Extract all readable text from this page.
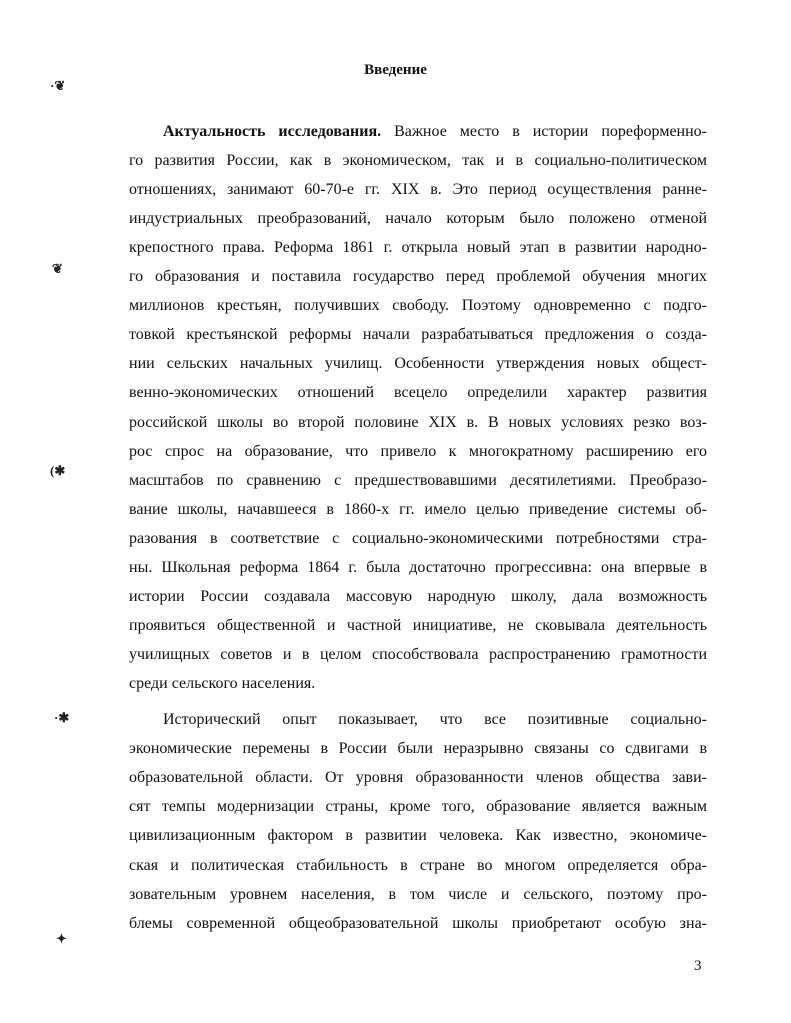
·❦
❦
(✱
·✱
✦
Введение
Актуальность исследования. Важное место в истории пореформенно-
го развития России, как в экономическом, так и в социально-политическом
отношениях, занимают 60-70-е гг. XIX в. Это период осуществления ранне-
индустриальных преобразований, начало которым было положено отменой
крепостного права. Реформа 1861 г. открыла новый этап в развитии народно-
го образования и поставила государство перед проблемой обучения многих
миллионов крестьян, получивших свободу. Поэтому одновременно с подго-
товкой крестьянской реформы начали разрабатываться предложения о созда-
нии сельских начальных училищ. Особенности утверждения новых общест-
венно-экономических отношений всецело определили характер развития
российской школы во второй половине XIX в. В новых условиях резко воз-
рос спрос на образование, что привело к многократному расширению его
масштабов по сравнению с предшествовавшими десятилетиями. Преобразо-
вание школы, начавшееся в 1860-х гг. имело целью приведение системы об-
разования в соответствие с социально-экономическими потребностями стра-
ны. Школьная реформа 1864 г. была достаточно прогрессивна: она впервые в
истории России создавала массовую народную школу, дала возможность
проявиться общественной и частной инициативе, не сковывала деятельность
училищных советов и в целом способствовала распространению грамотности
среди сельского населения.
Исторический опыт показывает, что все позитивные социально-
экономические перемены в России были неразрывно связаны со сдвигами в
образовательной области. От уровня образованности членов общества зави-
сят темпы модернизации страны, кроме того, образование является важным
цивилизационным фактором в развитии человека. Как известно, экономиче-
ская и политическая стабильность в стране во многом определяется обра-
зовательным уровнем населения, в том числе и сельского, поэтому про-
блемы современной общеобразовательной школы приобретают особую зна-
3
